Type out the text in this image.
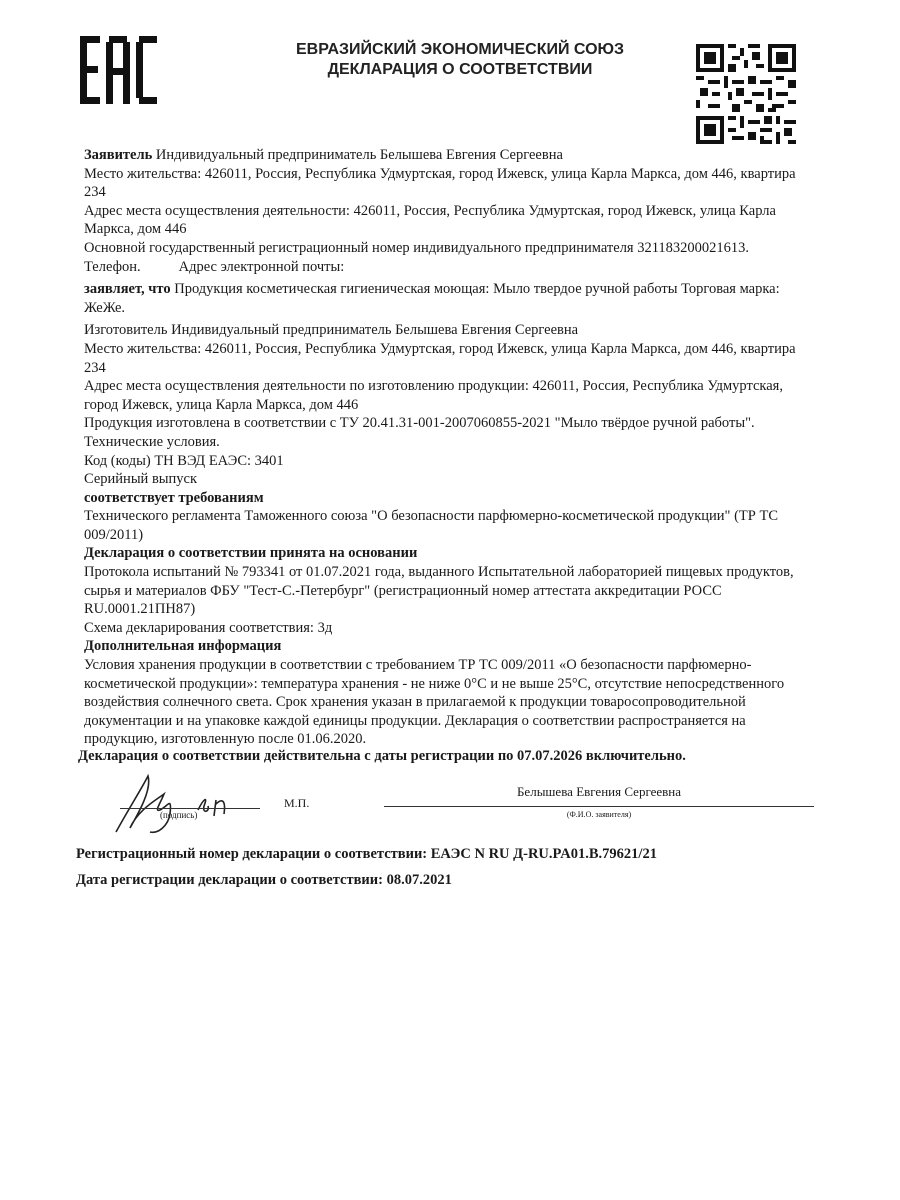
ЕВРАЗИЙСКИЙ ЭКОНОМИЧЕСКИЙ СОЮЗ
ДЕКЛАРАЦИЯ О СООТВЕТСТВИИ

Заявитель Индивидуальный предприниматель Белышева Евгения Сергеевна

Место жительства: 426011, Россия, Республика Удмуртская, город Ижевск, улица Карла Маркса, дом 446, квартира 234

Адрес места осуществления деятельности: 426011, Россия, Республика Удмуртская, город Ижевск, улица Карла Маркса, дом 446

Основной государственный регистрационный номер индивидуального предпринимателя 321183200021613.

Телефон.	Адрес электронной почты:

заявляет, что Продукция косметическая гигиеническая моющая: Мыло твердое ручной работы Торговая марка: ЖеЖе.

Изготовитель Индивидуальный предприниматель Белышева Евгения Сергеевна

Место жительства: 426011, Россия, Республика Удмуртская, город Ижевск, улица Карла Маркса, дом 446, квартира 234

Адрес места осуществления деятельности по изготовлению продукции: 426011, Россия, Республика Удмуртская, город Ижевск, улица Карла Маркса, дом 446

Продукция изготовлена в соответствии с ТУ 20.41.31-001-2007060855-2021 "Мыло твёрдое ручной работы". Технические условия.

Код (коды) ТН ВЭД ЕАЭС: 3401

Серийный выпуск

соответствует требованиям

Технического регламента Таможенного союза "О безопасности парфюмерно-косметической продукции" (ТР ТС 009/2011)

Декларация о соответствии принята на основании

Протокола испытаний № 793341 от 01.07.2021 года, выданного Испытательной лабораторией пищевых продуктов, сырья и материалов ФБУ "Тест-С.-Петербург" (регистрационный номер аттестата аккредитации РОСС RU.0001.21ПН87)

Схема декларирования соответствия: 3д

Дополнительная информация

Условия хранения продукции в соответствии с требованием ТР ТС 009/2011 «О безопасности парфюмерно-косметической продукции»: температура хранения - не ниже 0°С и не выше 25°С, отсутствие непосредственного воздействия солнечного света. Срок хранения указан в прилагаемой к продукции товаросопроводительной документации и на упаковке каждой единицы продукции. Декларация о соответствии распространяется на продукцию, изготовленную после 01.06.2020.

Декларация о соответствии действительна с даты регистрации по 07.07.2026 включительно.
(подпись)
М.П.
Белышева Евгения Сергеевна
(Ф.И.О. заявителя)
Регистрационный номер декларации о соответствии: ЕАЭС N RU Д-RU.PA01.B.79621/21
Дата регистрации декларации о соответствии: 08.07.2021
